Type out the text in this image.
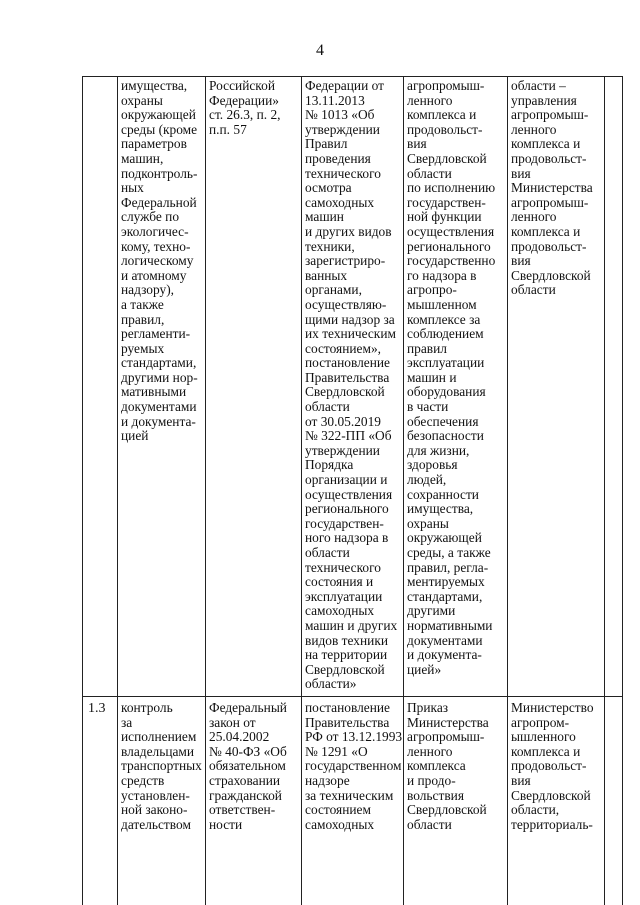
4
имущества,
охраны
окружающей
среды (кроме
параметров
машин,
подконтроль-
ных
Федеральной
службе по
экологичес-
кому, техно-
логическому
и атомному
надзору),
а также
правил,
регламенти-
руемых
стандартами,
другими нор-
мативными
документами
и документа-
цией
Российской
Федерации»
ст. 26.3, п. 2,
п.п. 57
Федерации от
13.11.2013
№ 1013 «Об
утверждении
Правил
проведения
технического
осмотра
самоходных
машин
и других видов
техники,
зарегистриро-
ванных
органами,
осуществляю-
щими надзор за
их техническим
состоянием»,
постановление
Правительства
Свердловской
области
от 30.05.2019
№ 322-ПП «Об
утверждении
Порядка
организации и
осуществления
регионального
государствен-
ного надзора в
области
технического
состояния и
эксплуатации
самоходных
машин и других
видов техники
на территории
Свердловской
области»
агропромыш-
ленного
комплекса и
продовольст-
вия
Свердловской
области
по исполнению
государствен-
ной функции
осуществления
регионального
государственно
го надзора в
агропро-
мышленном
комплексе за
соблюдением
правил
эксплуатации
машин и
оборудования
в части
обеспечения
безопасности
для жизни,
здоровья
людей,
сохранности
имущества,
охраны
окружающей
среды, а также
правил, регла-
ментируемых
стандартами,
другими
нормативными
документами
и документа-
цией»
области –
управления
агропромыш-
ленного
комплекса и
продовольст-
вия
Министерства
агропромыш-
ленного
комплекса и
продовольст-
вия
Свердловской
области
1.3	контроль
за
исполнением
владельцами
транспортных
средств
установлен-
ной законо-
дательством
Федеральный
закон от
25.04.2002
№ 40-ФЗ «Об
обязательном
страховании
гражданской
ответствен-
ности
постановление
Правительства
РФ от 13.12.1993
№ 1291 «О
государственном
надзоре
за техническим
состоянием
самоходных
Приказ
Министерства
агропромыш-
ленного
комплекса
и продо-
вольствия
Свердловской
области
Министерство
агропром-
ышленного
комплекса и
продовольст-
вия
Свердловской
области,
территориаль-
